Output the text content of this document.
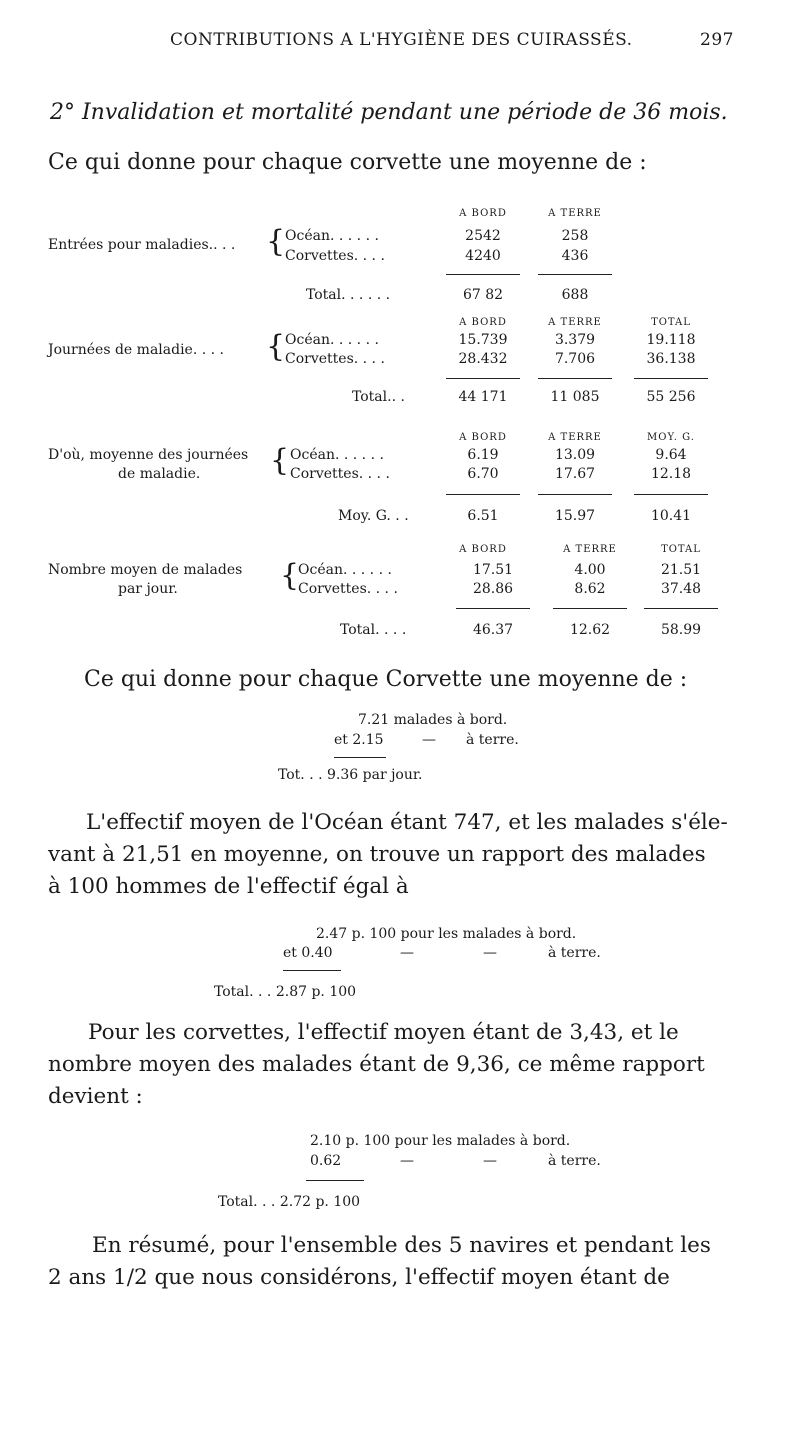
CONTRIBUTIONS A L'HYGIÈNE DES CUIRASSÉS.	297
2° Invalidation et mortalité pendant une période de 36 mois.
Ce qui donne pour chaque corvette une moyenne de :
A BORD	A TERRE
Entrées pour maladies.. . . { Océan. . . . . .	2542	258
Corvettes. . . .	4240	436
Total. . . . . .	67 82	688
A BORD	A TERRE	TOTAL
Journées de maladie. . . . { Océan. . . . . .	15.739	3.379	19.118
Corvettes. . . .	28.432	7.706	36.138
Total.. .	44 171	11 085	55 256
A BORD	A TERRE	MOY. G.
D'où, moyenne des journées
de maladie. { Océan. . . . . .	6.19	13.09	9.64
Corvettes. . . .	6.70	17.67	12.18
Moy. G. . .	6.51	15.97	10.41
A BORD	A TERRE	TOTAL
Nombre moyen de malades
par jour.	{
Océan. . . . . .	17.51	4.00	21.51
Corvettes. . . .	28.86	8.62	37.48
Total. . . .	46.37	12.62	58.99
Ce qui donne pour chaque Corvette une moyenne de :
7.21 malades à bord.
et 2.15	— à terre.
Tot. . . 9.36 par jour.
L'effectif moyen de l'Océan étant 747, et les malades s'éle-
vant à 21,51 en moyenne, on trouve un rapport des malades
à 100 hommes de l'effectif égal à
2.47 p. 100 pour les malades à bord.
et 0.40	—	—	à terre.
Total. . . 2.87 p. 100
Pour les corvettes, l'effectif moyen étant de 3,43, et le
nombre moyen des malades étant de 9,36, ce même rapport
devient :
2.10 p. 100 pour les malades à bord.
0.62	—	—	à terre.
Total. . . 2.72 p. 100
En résumé, pour l'ensemble des 5 navires et pendant les
2 ans 1/2 que nous considérons, l'effectif moyen étant de
